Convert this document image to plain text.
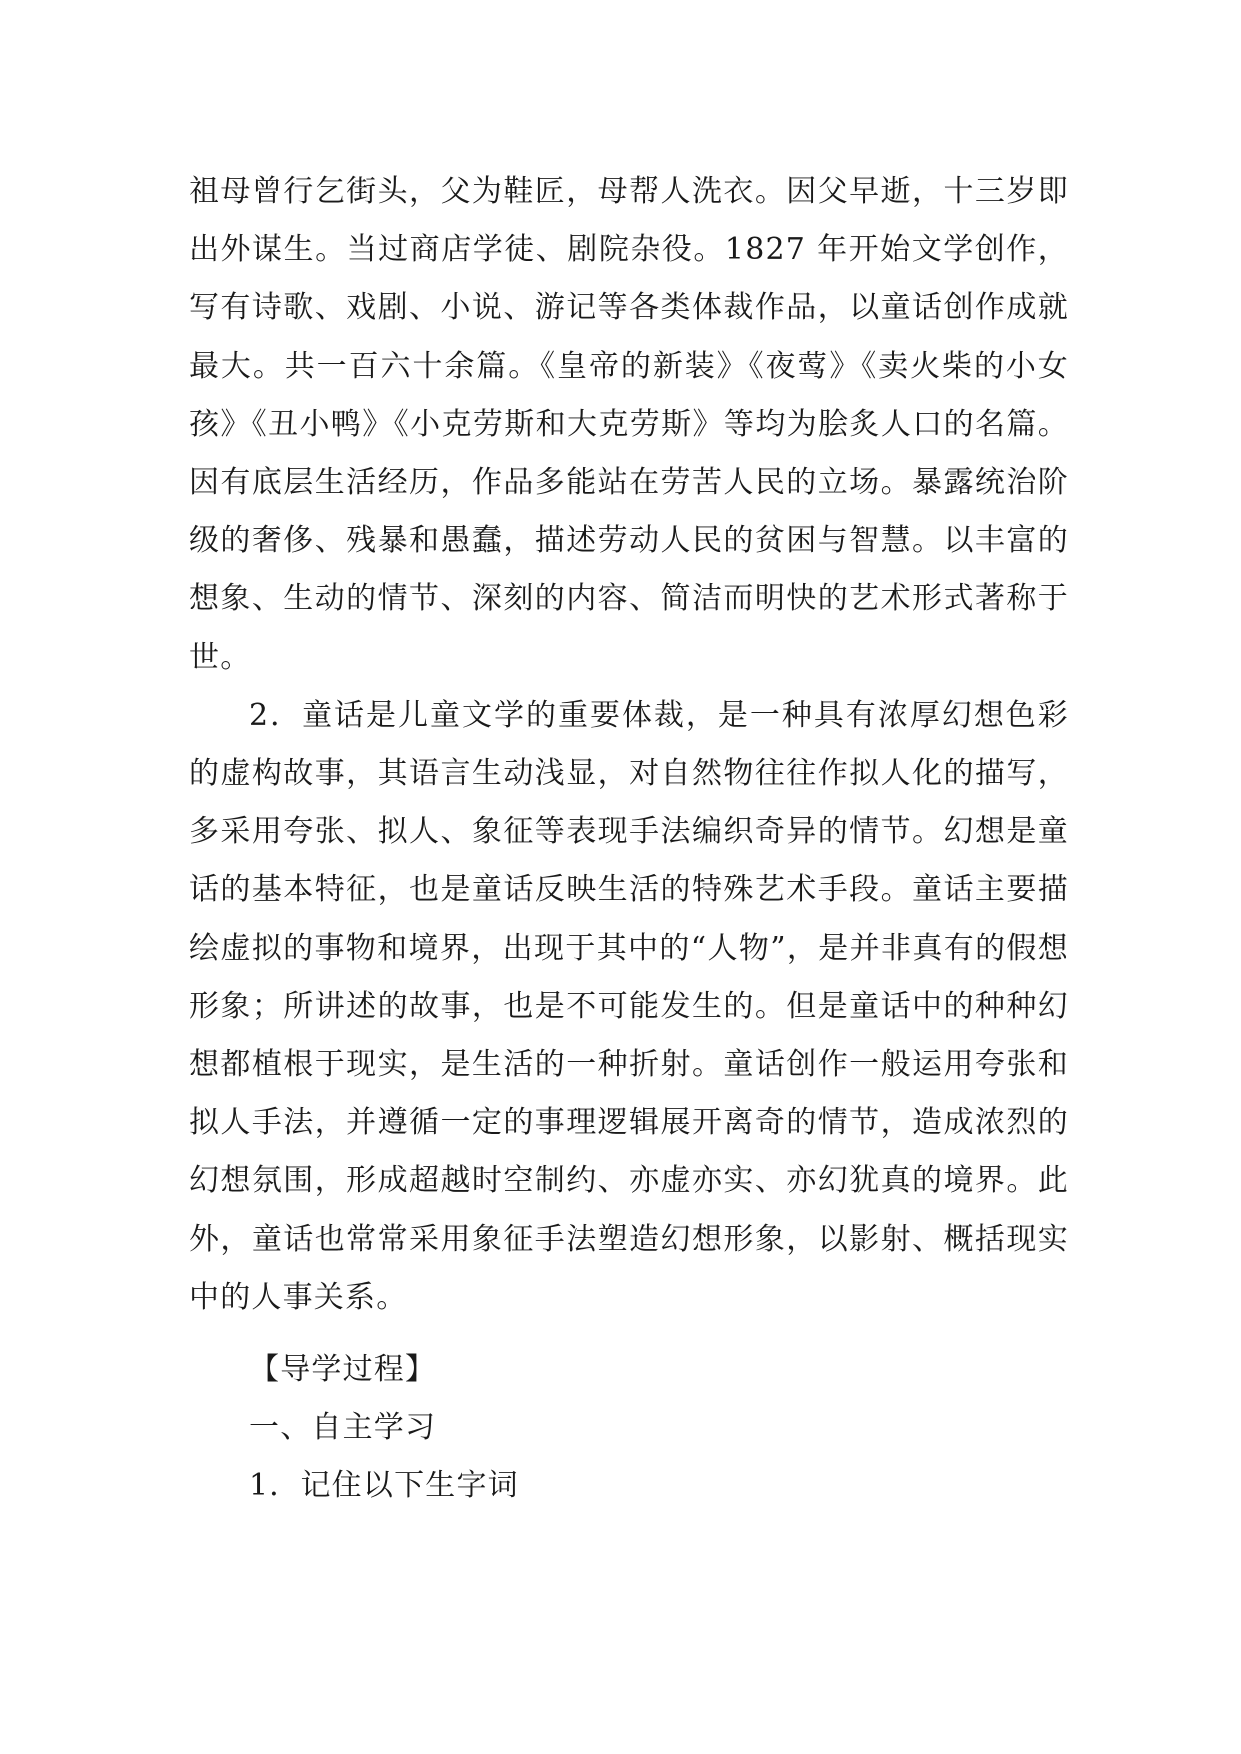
祖母曾行乞街头，父为鞋匠，母帮人洗衣。因父早逝，十三岁即出外谋生。当过商店学徒、剧院杂役。1827 年开始文学创作，写有诗歌、戏剧、小说、游记等各类体裁作品，以童话创作成就最大。共一百六十余篇。《皇帝的新装》《夜莺》《卖火柴的小女孩》《丑小鸭》《小克劳斯和大克劳斯》等均为脍炙人口的名篇。因有底层生活经历，作品多能站在劳苦人民的立场。暴露统治阶级的奢侈、残暴和愚蠢，描述劳动人民的贫困与智慧。以丰富的想象、生动的情节、深刻的内容、简洁而明快的艺术形式著称于世。

2．童话是儿童文学的重要体裁，是一种具有浓厚幻想色彩的虚构故事，其语言生动浅显，对自然物往往作拟人化的描写，多采用夸张、拟人、象征等表现手法编织奇异的情节。幻想是童话的基本特征，也是童话反映生活的特殊艺术手段。童话主要描绘虚拟的事物和境界，出现于其中的“人物”，是并非真有的假想形象；所讲述的故事，也是不可能发生的。但是童话中的种种幻想都植根于现实，是生活的一种折射。童话创作一般运用夸张和拟人手法，并遵循一定的事理逻辑展开离奇的情节，造成浓烈的幻想氛围，形成超越时空制约、亦虚亦实、亦幻犹真的境界。此外，童话也常常采用象征手法塑造幻想形象，以影射、概括现实中的人事关系。

【导学过程】

一、自主学习

1．记住以下生字词
